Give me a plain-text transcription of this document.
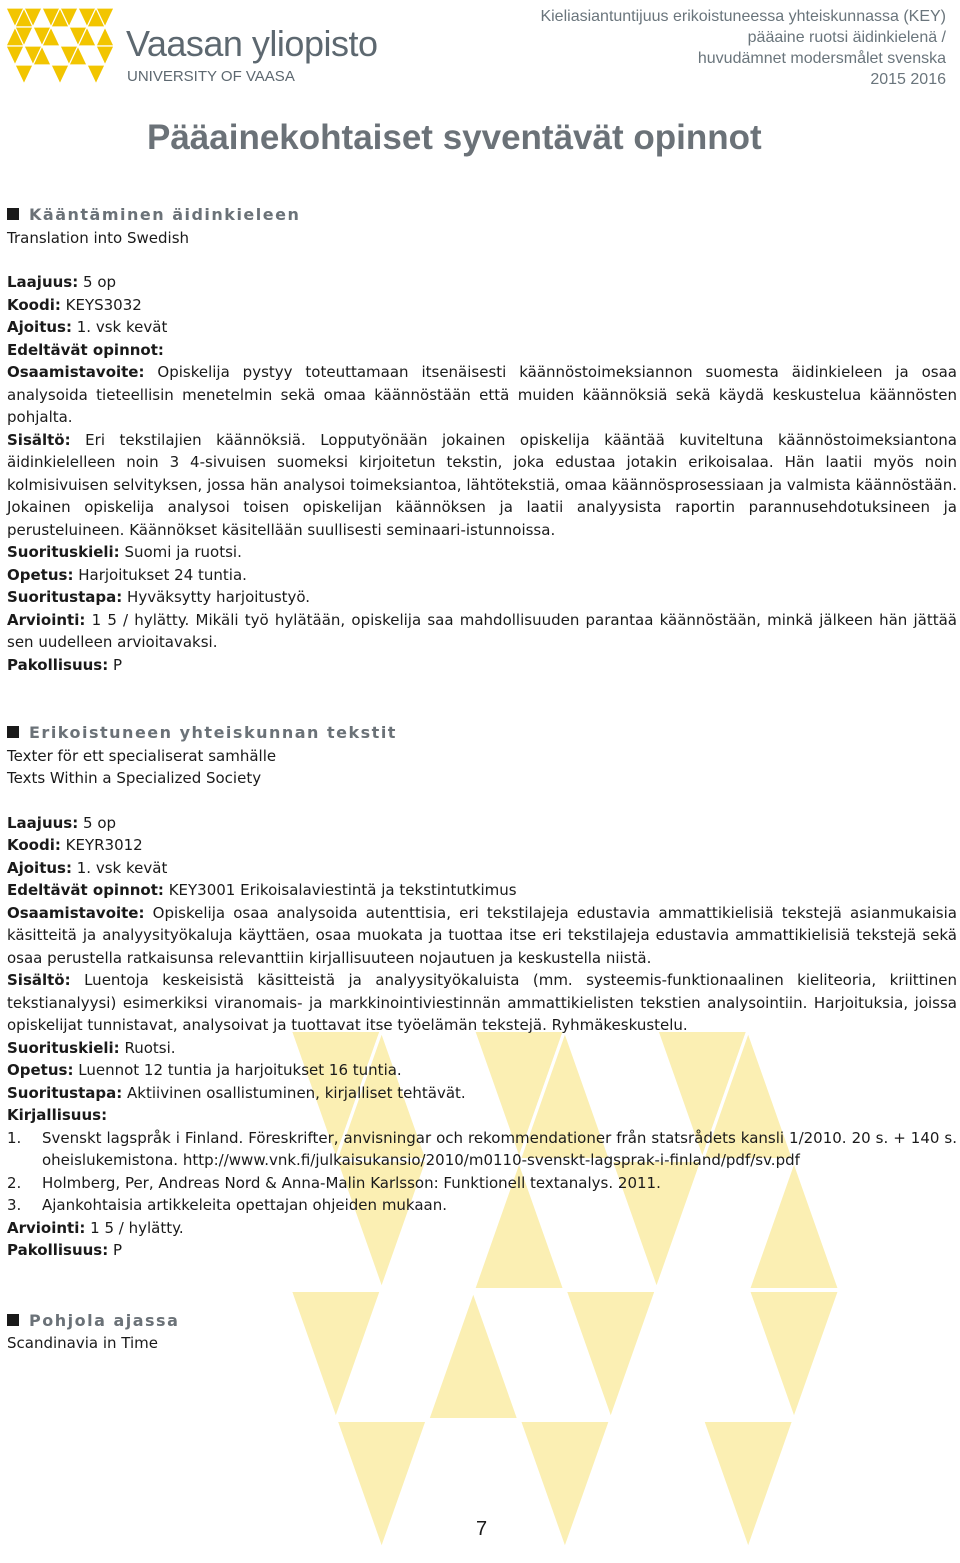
Vaasan yliopisto
UNIVERSITY OF VAASA
Kieliasiantuntijuus erikoistuneessa yhteiskunnassa (KEY)
pääaine ruotsi äidinkielenä /
huvudämnet modersmålet svenska
2015 2016
Pääainekohtaiset syventävät opinnot

Kääntäminen äidinkieleen

Translation into Swedish

Laajuus: 5 op

Koodi: KEYS3032

Ajoitus: 1. vsk kevät

Edeltävät opinnot:

Osaamistavoite: Opiskelija pystyy toteuttamaan itsenäisesti käännöstoimeksiannon suomesta äidinkieleen ja osaa analysoida tieteellisin menetelmin sekä omaa käännöstään että muiden käännöksiä sekä käydä keskustelua käännösten pohjalta.

Sisältö: Eri tekstilajien käännöksiä. Lopputyönään jokainen opiskelija kääntää kuviteltuna käännöstoimeksiantona äidinkielelleen noin 3 4-sivuisen suomeksi kirjoitetun tekstin, joka edustaa jotakin erikoisalaa. Hän laatii myös noin kolmisivuisen selvityksen, jossa hän analysoi toimeksiantoa, lähtötekstiä, omaa käännösprosessiaan ja valmista käännöstään. Jokainen opiskelija analysoi toisen opiskelijan käännöksen ja laatii analyysista raportin parannusehdotuksineen ja perusteluineen. Käännökset käsitellään suullisesti seminaari-istunnoissa.

Suorituskieli: Suomi ja ruotsi.

Opetus: Harjoitukset 24 tuntia.

Suoritustapa: Hyväksytty harjoitustyö.

Arviointi: 1 5 / hylätty. Mikäli työ hylätään, opiskelija saa mahdollisuuden parantaa käännöstään, minkä jälkeen hän jättää sen uudelleen arvioitavaksi.

Pakollisuus: P

Erikoistuneen yhteiskunnan tekstit

Texter för ett specialiserat samhälle

Texts Within a Specialized Society

Laajuus: 5 op

Koodi: KEYR3012

Ajoitus: 1. vsk kevät

Edeltävät opinnot: KEY3001 Erikoisalaviestintä ja tekstintutkimus

Osaamistavoite: Opiskelija osaa analysoida autenttisia, eri tekstilajeja edustavia ammattikielisiä tekstejä asianmukaisia käsitteitä ja analyysityökaluja käyttäen, osaa muokata ja tuottaa itse eri tekstilajeja edustavia ammattikielisiä tekstejä sekä osaa perustella ratkaisunsa relevanttiin kirjallisuuteen nojautuen ja keskustella niistä.

Sisältö: Luentoja keskeisistä käsitteistä ja analyysityökaluista (mm. systeemis-funktionaalinen kieliteoria, kriittinen tekstianalyysi) esimerkiksi viranomais- ja markkinointiviestinnän ammattikielisten tekstien analysointiin. Harjoituksia, joissa opiskelijat tunnistavat, analysoivat ja tuottavat itse työelämän tekstejä. Ryhmäkeskustelu.

Suorituskieli: Ruotsi.

Opetus: Luennot 12 tuntia ja harjoitukset 16 tuntia.

Suoritustapa: Aktiivinen osallistuminen, kirjalliset tehtävät.

Kirjallisuus:

1.	Svenskt lagspråk i Finland. Föreskrifter, anvisningar och rekommendationer från statsrådets kansli 1/2010. 20 s. + 140 s. oheislukemistona. http://www.vnk.fi/julkaisukansio/2010/m0110-svenskt-lagsprak-i-finland/pdf/sv.pdf
2.	Holmberg, Per, Andreas Nord & Anna-Malin Karlsson: Funktionell textanalys. 2011.
3.	Ajankohtaisia artikkeleita opettajan ohjeiden mukaan.

Arviointi: 1 5 / hylätty.

Pakollisuus: P

Pohjola ajassa

Scandinavia in Time

7
